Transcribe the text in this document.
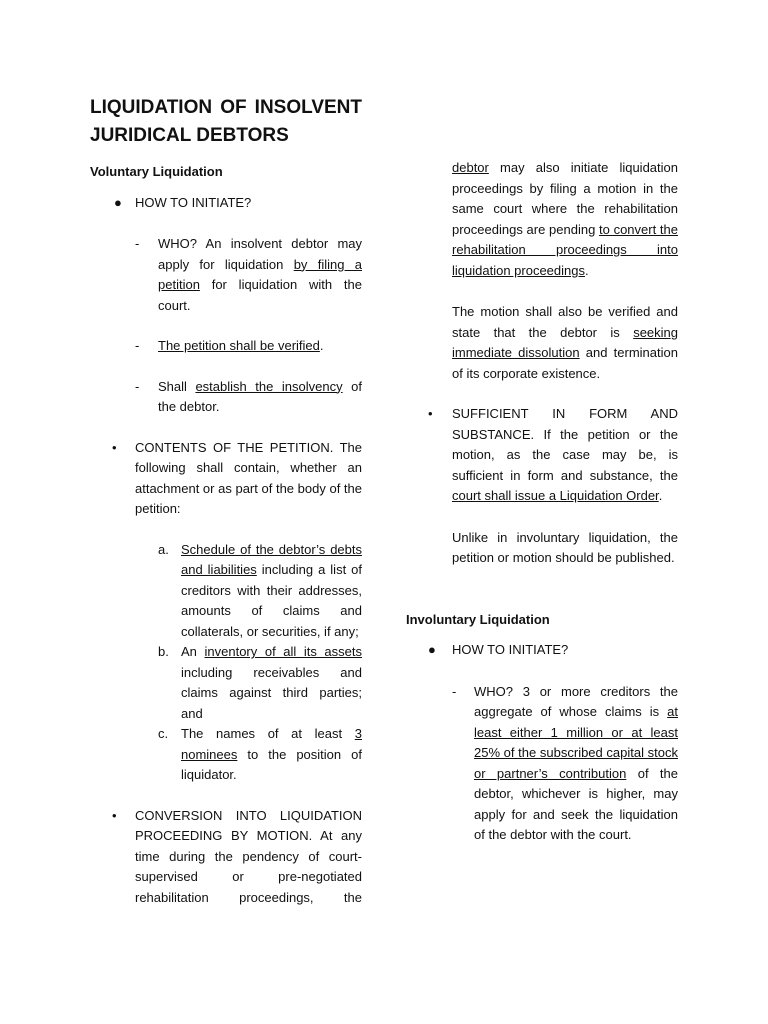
LIQUIDATION OF INSOLVENT
JURIDICAL DEBTORS

Voluntary Liquidation

● HOW TO INITIATE?

- WHO? An insolvent debtor may apply for liquidation by filing a petition for liquidation with the court.

- The petition shall be verified.

- Shall establish the insolvency of the debtor.

• CONTENTS OF THE PETITION. The following shall contain, whether an attachment or as part of the body of the petition:

a. Schedule of the debtor’s debts and liabilities including a list of creditors with their addresses, amounts of claims and collaterals, or securities, if any;

b. An inventory of all its assets including receivables and claims against third parties; and

c. The names of at least 3 nominees to the position of liquidator.

• CONVERSION INTO LIQUIDATION PROCEEDING BY MOTION. At any time during the pendency of court-supervised or pre-negotiated rehabilitation proceedings, the

debtor may also initiate liquidation proceedings by filing a motion in the same court where the rehabilitation proceedings are pending to convert the rehabilitation proceedings into liquidation proceedings.

The motion shall also be verified and state that the debtor is seeking immediate dissolution and termination of its corporate existence.

• SUFFICIENT IN FORM AND SUBSTANCE. If the petition or the motion, as the case may be, is sufficient in form and substance, the court shall issue a Liquidation Order.

Unlike in involuntary liquidation, the petition or motion should be published.

Involuntary Liquidation

● HOW TO INITIATE?

- WHO? 3 or more creditors the aggregate of whose claims is at least either 1 million or at least 25% of the subscribed capital stock or partner’s contribution of the debtor, whichever is higher, may apply for and seek the liquidation of the debtor with the court.
